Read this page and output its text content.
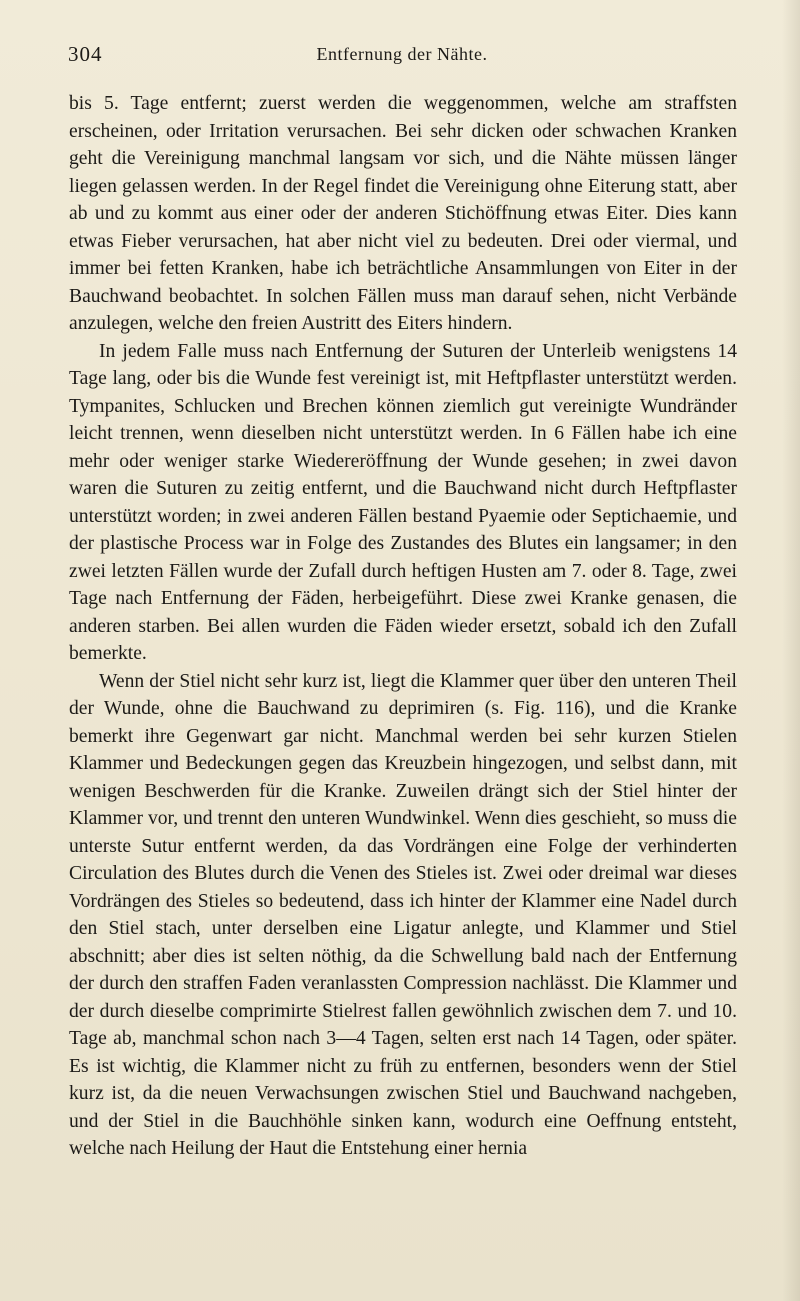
304	Entfernung der Nähte.

bis 5. Tage entfernt; zuerst werden die weggenommen, welche am straffsten erscheinen, oder Irritation verursachen. Bei sehr dicken oder schwachen Kranken geht die Vereinigung manchmal langsam vor sich, und die Nähte müssen länger liegen gelassen werden. In der Regel findet die Vereinigung ohne Eiterung statt, aber ab und zu kommt aus einer oder der anderen Stichöffnung etwas Eiter. Dies kann etwas Fieber verursachen, hat aber nicht viel zu bedeuten. Drei oder viermal, und immer bei fetten Kranken, habe ich beträchtliche Ansammlungen von Eiter in der Bauchwand beobachtet. In solchen Fällen muss man darauf sehen, nicht Verbände anzulegen, welche den freien Austritt des Eiters hindern.

In jedem Falle muss nach Entfernung der Suturen der Unterleib wenigstens 14 Tage lang, oder bis die Wunde fest vereinigt ist, mit Heftpflaster unterstützt werden. Tympanites, Schlucken und Brechen können ziemlich gut vereinigte Wundränder leicht trennen, wenn dieselben nicht unterstützt werden. In 6 Fällen habe ich eine mehr oder weniger starke Wiedereröffnung der Wunde gesehen; in zwei davon waren die Suturen zu zeitig entfernt, und die Bauchwand nicht durch Heftpflaster unterstützt worden; in zwei anderen Fällen bestand Pyaemie oder Septichaemie, und der plastische Process war in Folge des Zustandes des Blutes ein langsamer; in den zwei letzten Fällen wurde der Zufall durch heftigen Husten am 7. oder 8. Tage, zwei Tage nach Entfernung der Fäden, herbeigeführt. Diese zwei Kranke genasen, die anderen starben. Bei allen wurden die Fäden wieder ersetzt, sobald ich den Zufall bemerkte.

Wenn der Stiel nicht sehr kurz ist, liegt die Klammer quer über den unteren Theil der Wunde, ohne die Bauchwand zu deprimiren (s. Fig. 116), und die Kranke bemerkt ihre Gegenwart gar nicht. Manchmal werden bei sehr kurzen Stielen Klammer und Bedeckungen gegen das Kreuzbein hingezogen, und selbst dann, mit wenigen Beschwerden für die Kranke. Zuweilen drängt sich der Stiel hinter der Klammer vor, und trennt den unteren Wundwinkel. Wenn dies geschieht, so muss die unterste Sutur entfernt werden, da das Vordrängen eine Folge der verhinderten Circulation des Blutes durch die Venen des Stieles ist. Zwei oder dreimal war dieses Vordrängen des Stieles so bedeutend, dass ich hinter der Klammer eine Nadel durch den Stiel stach, unter derselben eine Ligatur anlegte, und Klammer und Stiel abschnitt; aber dies ist selten nöthig, da die Schwellung bald nach der Entfernung der durch den straffen Faden veranlassten Compression nachlässt. Die Klammer und der durch dieselbe comprimirte Stielrest fallen gewöhnlich zwischen dem 7. und 10. Tage ab, manchmal schon nach 3—4 Tagen, selten erst nach 14 Tagen, oder später. Es ist wichtig, die Klammer nicht zu früh zu entfernen, besonders wenn der Stiel kurz ist, da die neuen Verwachsungen zwischen Stiel und Bauchwand nachgeben, und der Stiel in die Bauchhöhle sinken kann, wodurch eine Oeffnung entsteht, welche nach Heilung der Haut die Entstehung einer hernia
